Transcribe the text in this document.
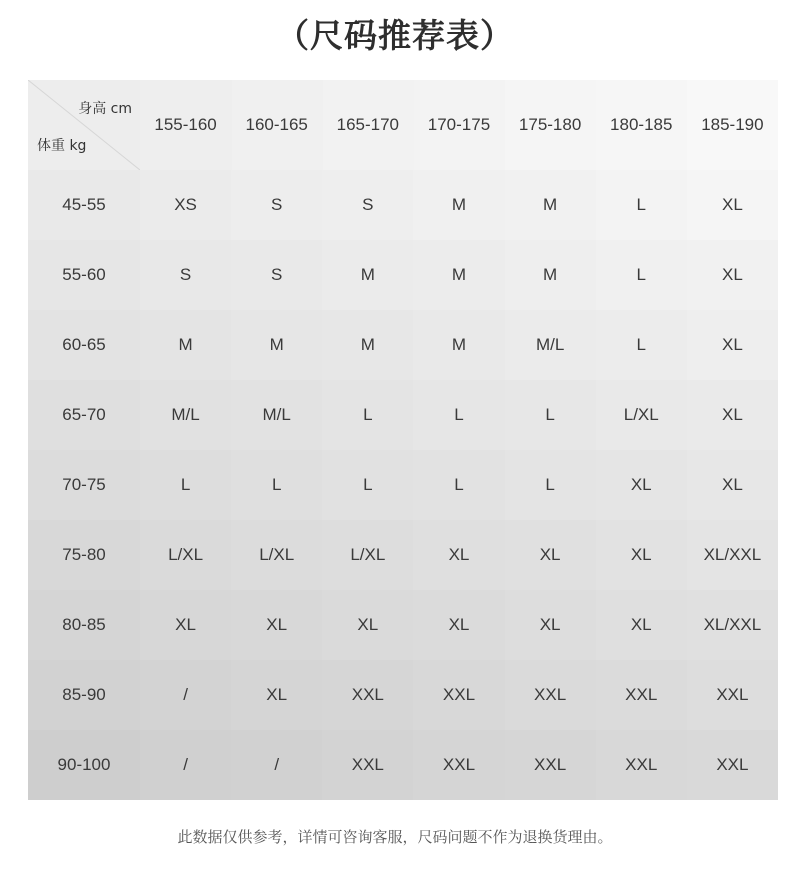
（尺码推荐表）
身高 cm
体重 kg
155-160	160-165	165-170	170-175	175-180	180-185	185-190
45-55	XS	S	S	M	M	L	XL
55-60	S	S	M	M	M	L	XL
60-65	M	M	M	M	M/L	L	XL
65-70	M/L	M/L	L	L	L	L/XL	XL
70-75	L	L	L	L	L	XL	XL
75-80	L/XL	L/XL	L/XL	XL	XL	XL	XL/XXL
80-85	XL	XL	XL	XL	XL	XL	XL/XXL
85-90	/	XL	XXL	XXL	XXL	XXL	XXL
90-100	/	/	XXL	XXL	XXL	XXL	XXL
此数据仅供参考，详情可咨询客服，尺码问题不作为退换货理由。
